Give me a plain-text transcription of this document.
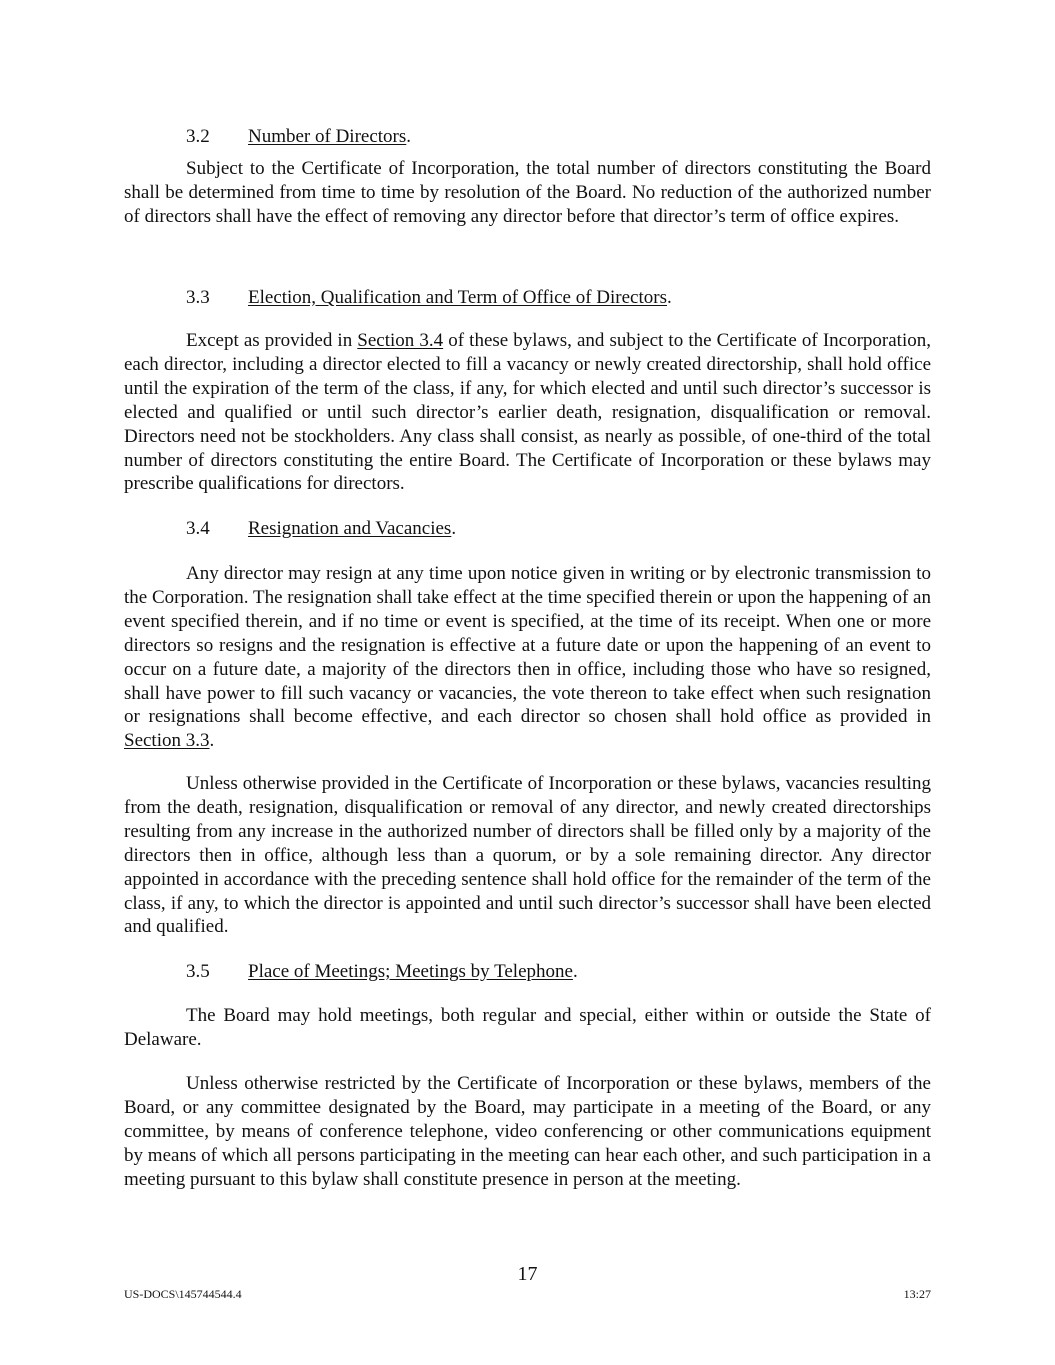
3.2 Number of Directors.

Subject to the Certificate of Incorporation, the total number of directors constituting the Board shall be determined from time to time by resolution of the Board. No reduction of the authorized number of directors shall have the effect of removing any director before that director’s term of office expires.

3.3 Election, Qualification and Term of Office of Directors.

Except as provided in Section 3.4 of these bylaws, and subject to the Certificate of Incorporation, each director, including a director elected to fill a vacancy or newly created directorship, shall hold office until the expiration of the term of the class, if any, for which elected and until such director’s successor is elected and qualified or until such director’s earlier death, resignation, disqualification or removal. Directors need not be stockholders. Any class shall consist, as nearly as possible, of one-third of the total number of directors constituting the entire Board. The Certificate of Incorporation or these bylaws may prescribe qualifications for directors.

3.4 Resignation and Vacancies.

Any director may resign at any time upon notice given in writing or by electronic transmission to the Corporation. The resignation shall take effect at the time specified therein or upon the happening of an event specified therein, and if no time or event is specified, at the time of its receipt. When one or more directors so resigns and the resignation is effective at a future date or upon the happening of an event to occur on a future date, a majority of the directors then in office, including those who have so resigned, shall have power to fill such vacancy or vacancies, the vote thereon to take effect when such resignation or resignations shall become effective, and each director so chosen shall hold office as provided in Section 3.3.

Unless otherwise provided in the Certificate of Incorporation or these bylaws, vacancies resulting from the death, resignation, disqualification or removal of any director, and newly created directorships resulting from any increase in the authorized number of directors shall be filled only by a majority of the directors then in office, although less than a quorum, or by a sole remaining director. Any director appointed in accordance with the preceding sentence shall hold office for the remainder of the term of the class, if any, to which the director is appointed and until such director’s successor shall have been elected and qualified.

3.5 Place of Meetings; Meetings by Telephone.

The Board may hold meetings, both regular and special, either within or outside the State of Delaware.

Unless otherwise restricted by the Certificate of Incorporation or these bylaws, members of the Board, or any committee designated by the Board, may participate in a meeting of the Board, or any committee, by means of conference telephone, video conferencing or other communications equipment by means of which all persons participating in the meeting can hear each other, and such participation in a meeting pursuant to this bylaw shall constitute presence in person at the meeting.

17
US-DOCS\145744544.4	13:27
